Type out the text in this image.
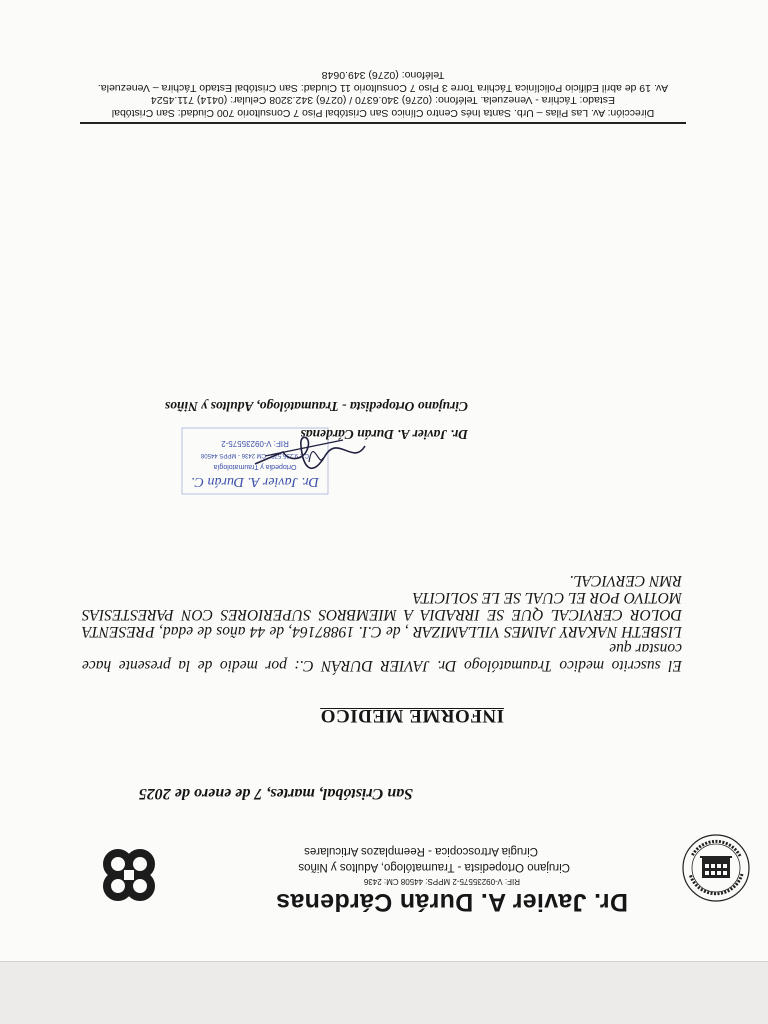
Dr. Javier A. Durán Cárdenas

RIF: V-09235575-2 MPPS: 44508 CM: 2436

Cirujano Ortopedista - Traumatólogo, Adultos y Niños

Cirugia Artroscopica - Reemplazos Articulares

San Cristóbal, martes, 7 de enero de 2025
INFORME MEDICO

El suscrito medico Traumatólogo Dr. JAVIER DURÁN C.: por medio de la presente hace constar que

LISBETH NAKARY JAIMES VILLAMIZAR , de C.I. 19887164, de 44 años de edad, PRESENTA DOLOR CERVICAL QUE SE IRRADIA A MIEMBROS SUPERIORES CON PARESTESIAS MOTIVO POR EL CUAL SE LE SOLICITA

RMN CERVICAL.

Dr. Javier A. Durán C.
Ortopedia y Traumatología
C.I. 9.235.575 - CM 2436 - MPPS 44508
RIF: V-09235575-2
Dr. Javier A. Durán Cárdenas
Cirujano Ortopedista - Traumatólogo, Adultos y Niños

Dirección: Av. Las Pilas – Urb. Santa Inés Centro Clínico San Cristóbal Piso 7 Consultorio 700 Ciudad: San Cristóbal

Estado: Táchira - Venezuela. Teléfono: (0276) 340.6370 / (0276) 342.3208 Celular: (0414) 711.4524

Av. 19 de abril Edificio Policlínica Táchira Torre 3 Piso 7 Consultorio 11 Ciudad: San Cristóbal Estado Táchira – Venezuela.

Teléfono: (0276) 349.0648
